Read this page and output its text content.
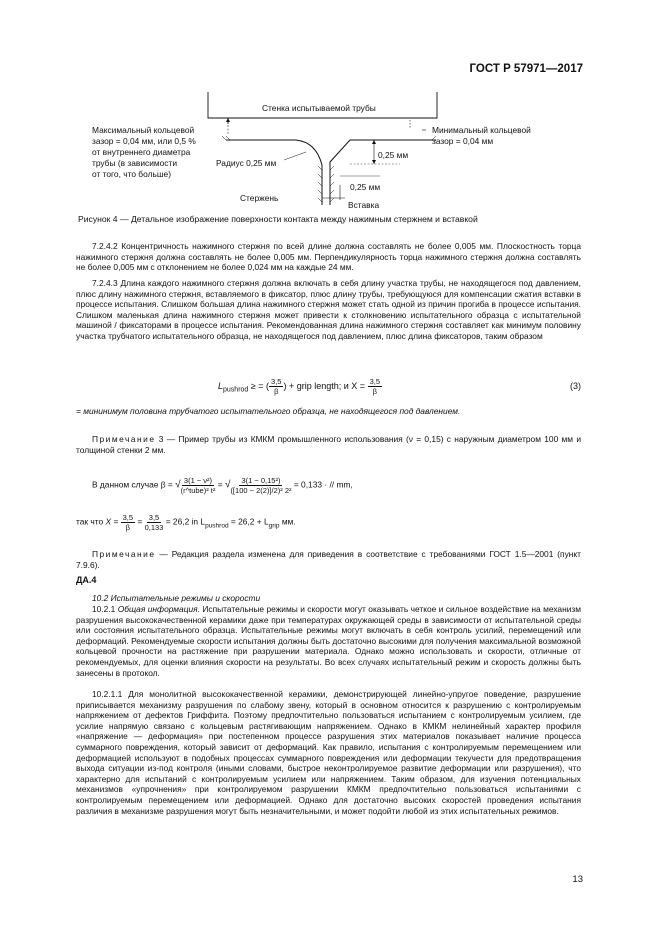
ГОСТ Р 57971—2017
Стенка испытываемой трубы
Максимальный кольцевой
зазор = 0,04 мм, или 0,5 %
от внутреннего диаметра
трубы (в зависимости
от того, что больше)
Минимальный кольцевой
зазор = 0,04 мм
Радиус 0,25 мм
0,25 мм
0,25 мм
Стержень
Вставка
Рисунок 4 — Детальное изображение поверхности контакта между нажимным стержнем и вставкой

7.2.4.2 Концентричность нажимного стержня по всей длине должна составлять не более 0,005 мм. Плоскостность торца нажимного стержня должна составлять не более 0,005 мм. Перпендикулярность торца нажимного стержня должна составлять не более 0,005 мм с отклонением не более 0,024 мм на каждые 24 мм.

7.2.4.3 Длина каждого нажимного стержня должна включать в себя длину участка трубы, не находящегося под давлением, плюс длину нажимного стержня, вставляемого в фиксатор, плюс длину трубы, требующуюся для компенсации сжатия вставки в процессе испытания. Слишком большая длина нажимного стержня может стать одной из причин прогиба в процессе испытания. Слишком маленькая длина нажимного стержня может привести к столкновению испытательного образца с испытательной машиной / фиксаторами в процессе испытания. Рекомендованная длина нажимного стержня составляет как минимум половину участка трубчатого испытательного образца, не находящегося под давлением, плюс длина фиксаторов, таким образом

$L_{pushrod}$ ≥ = ( $\frac{3,5}{\beta}$ ) + grip length; и $X = \frac{3,5}{\beta}$	(3)

= мининимум половина трубчатого испытательного образца, не находящегося под давлением.

Примечание 3 — Пример трубы из КМКМ промышленного использования (ν = 0,15) с наружным диаметром 100 мм и толщиной стенки 2 мм.

В данном случае β = √ $\frac{\text{3(1 − ν²)}}{\text{(r\textasciicircum{}tube)² t²}}$ = √ $\frac{\text{3(1 − 0,15²)}}{\text{([100 − 2(2)]/2)² 2²}} = 0,133$ · // mm,
так что $X = \frac{3,5}{\beta} = \frac{3,5}{0,133} = 26,2$ in $L_{pushrod} = 26,2 + L_{grip}$ мм.

Примечание — Редакция раздела изменена для приведения в соответствие с требованиями ГОСТ 1.5—2001 (пункт 7.9.6).

ДА.4
10.2 Испытательные режимы и скорости

10.2.1 Общая информация. Испытательные режимы и скорости могут оказывать четкое и сильное воздействие на механизм разрушения высококачественной керамики даже при температурах окружающей среды в зависимости от испытательной среды или состояния испытательного образца. Испытательные режимы могут включать в себя контроль усилий, перемещений или деформаций. Рекомендуемые скорости испытания должны быть достаточно высокими для получения максимальной возможной кольцевой прочности на растяжение при разрушении материала. Однако можно использовать и скорости, отличные от рекомендуемых, для оценки влияния скорости на результаты. Во всех случаях испытательный режим и скорость должны быть занесены в протокол.

10.2.1.1 Для монолитной высококачественной керамики, демонстрирующей линейно-упругое поведение, разрушение приписывается механизму разрушения по слабому звену, который в основном относится к разрушению с контролируемым напряжением от дефектов Гриффита. Поэтому предпочтительно пользоваться испытанием с контролируемым усилием, где усилие напрямую связано с кольцевым растягивающим напряжением. Однако в КМКМ нелинейный характер профиля «напряжение — деформация» при постепенном процессе разрушения этих материалов показывает наличие процесса суммарного повреждения, который зависит от деформаций. Как правило, испытания с контролируемым перемещением или деформацией используют в подобных процессах суммарного повреждения или деформации текучести для предотвращения выхода ситуации из-под контроля (иными словами, быстрое неконтролируемое развитие деформации или разрушения), что характерно для испытаний с контролируемым усилием или напряжением. Таким образом, для изучения потенциальных механизмов «упрочнения» при контролируемом разрушении КМКМ предпочтительно пользоваться испытаниями с контролируемым перемещением или деформацией. Однако для достаточно высоких скоростей проведения испытания различия в механизме разрушения могут быть незначительными, и может подойти любой из этих испытательных режимов.

13
